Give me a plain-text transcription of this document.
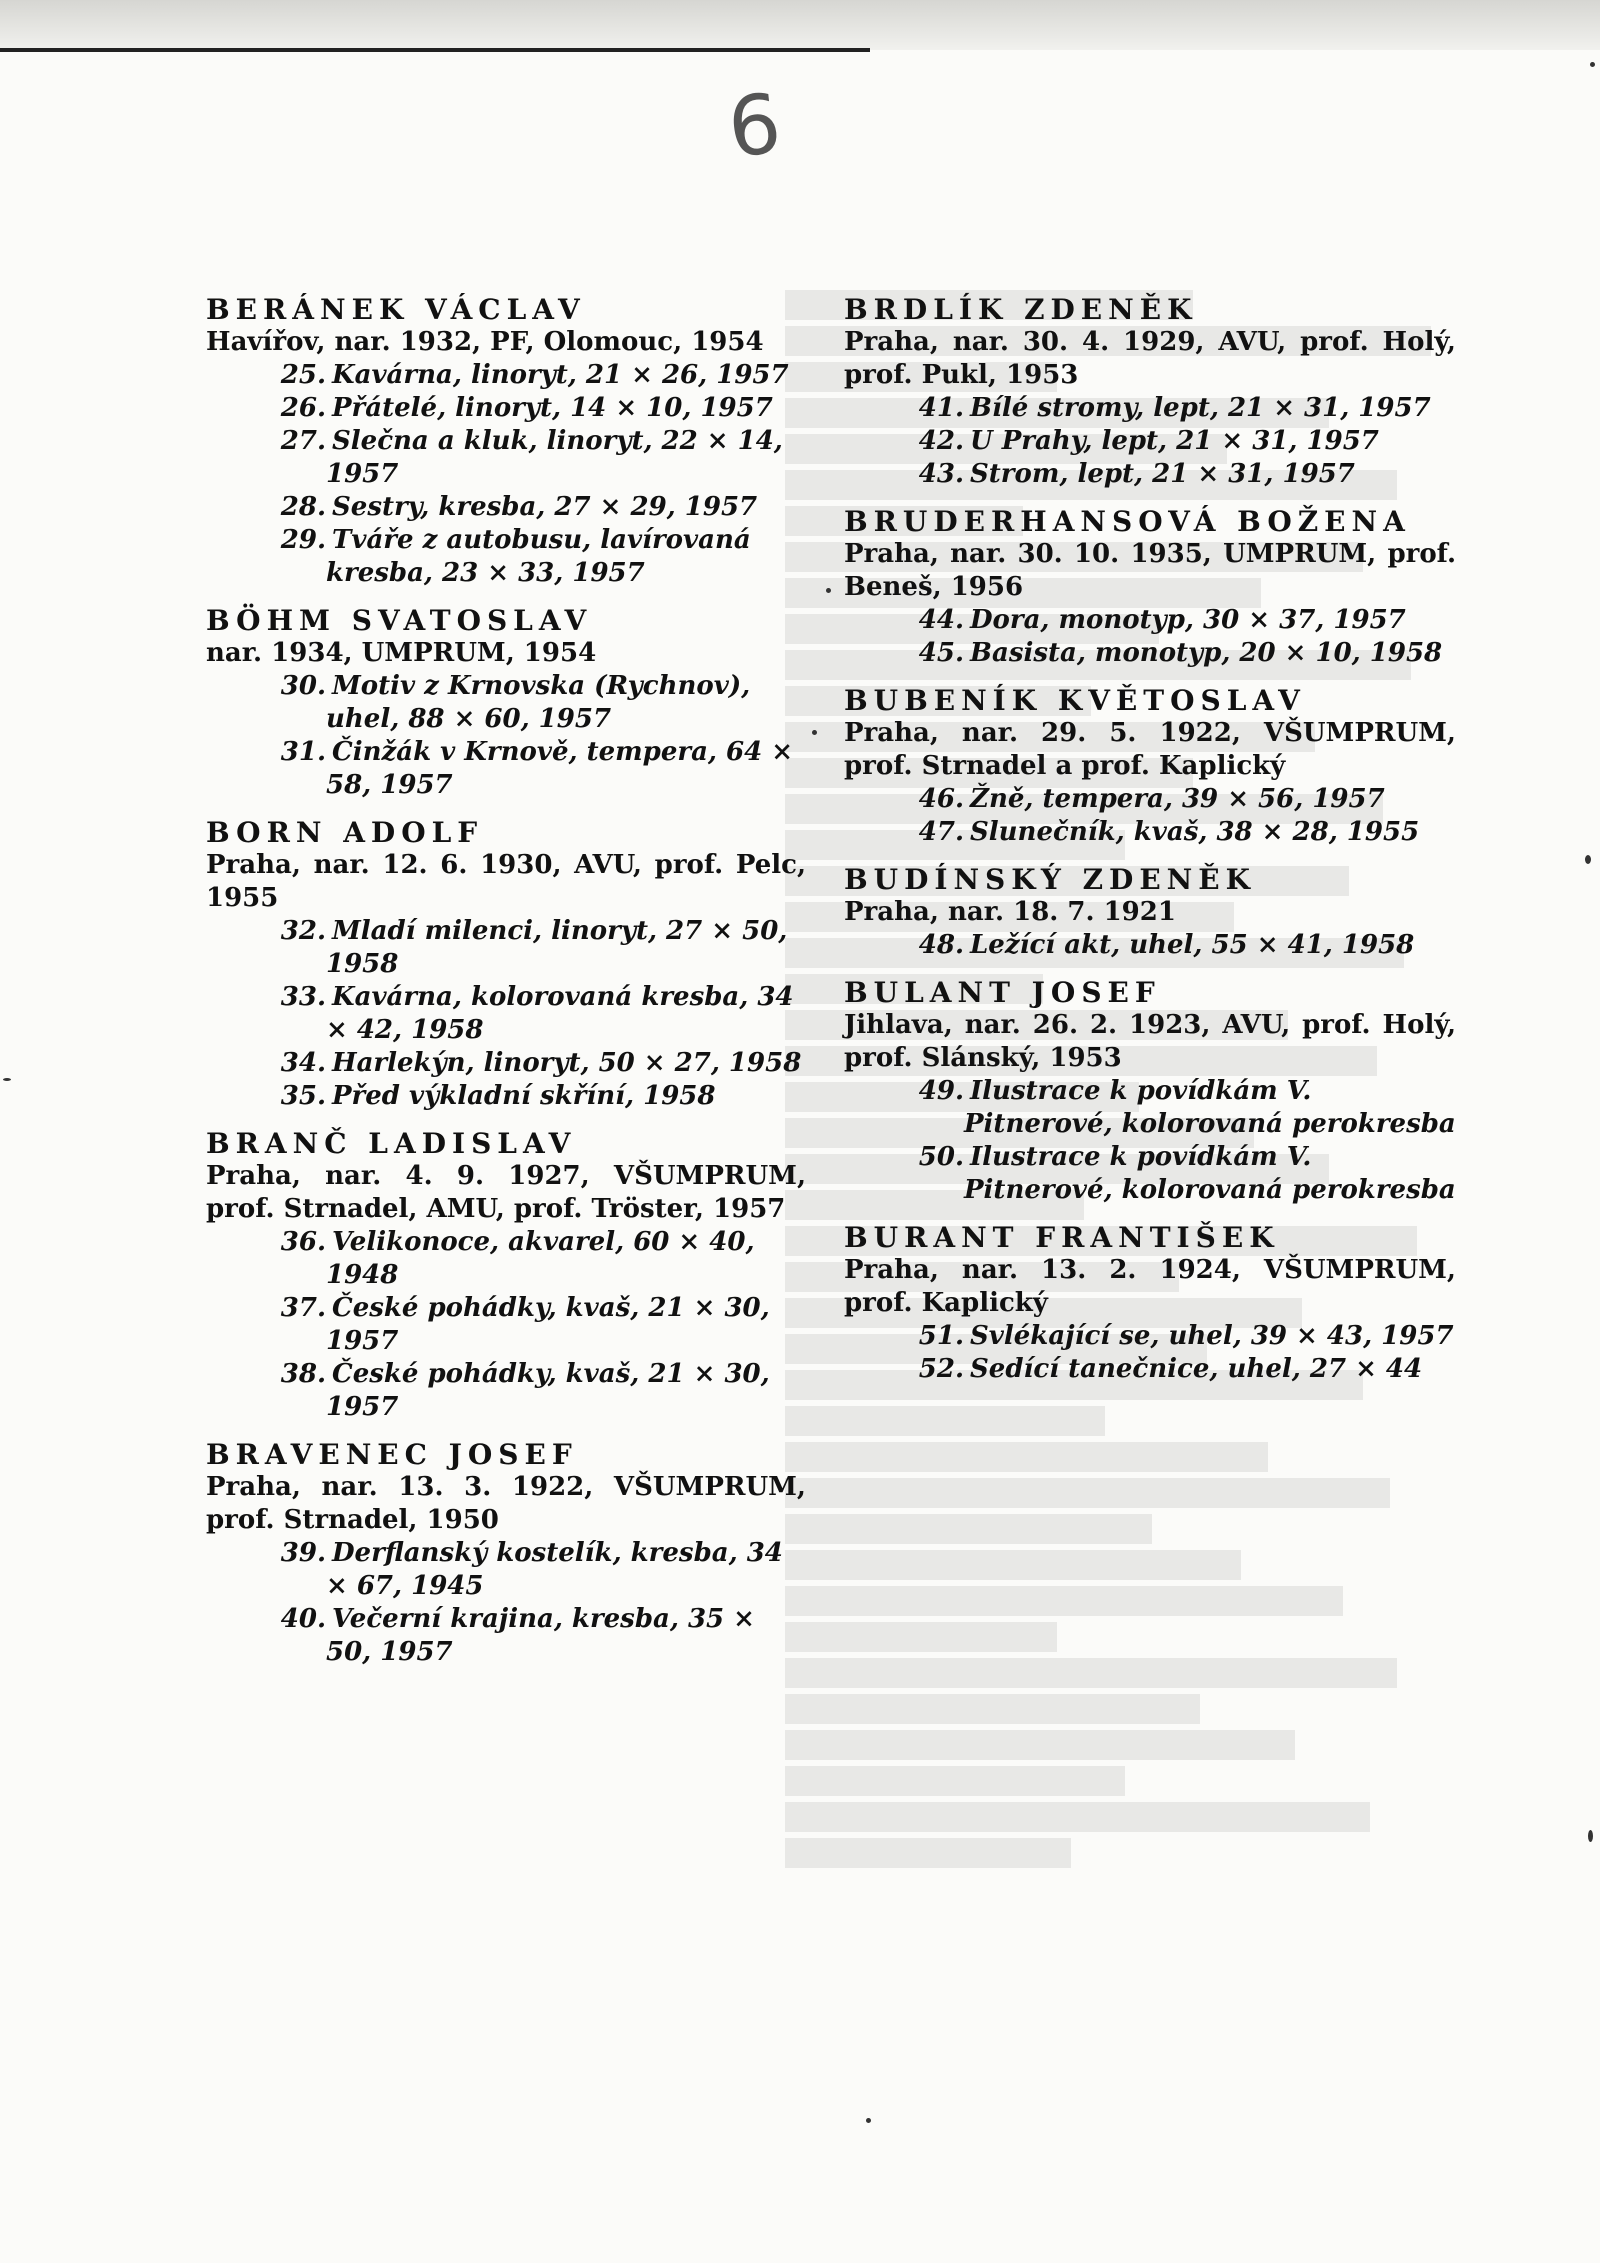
6
BERÁNEK VÁCLAV
Havířov, nar. 1932, PF, Olomouc, 1954
25. Kavárna, linoryt, 21 × 26, 1957
26. Přátelé, linoryt, 14 × 10, 1957
27. Slečna a kluk, linoryt, 22 × 14, 1957
28. Sestry, kresba, 27 × 29, 1957
29. Tváře z autobusu, lavírovaná kresba, 23 × 33, 1957
BÖHM SVATOSLAV
nar. 1934, UMPRUM, 1954
30. Motiv z Krnovska (Rychnov), uhel, 88 × 60, 1957
31. Činžák v Krnově, tempera, 64 × 58, 1957
BORN ADOLF
Praha, nar. 12. 6. 1930, AVU, prof. Pelc, 1955
32. Mladí milenci, linoryt, 27 × 50, 1958
33. Kavárna, kolorovaná kresba, 34 × 42, 1958
34. Harlekýn, linoryt, 50 × 27, 1958
35. Před výkladní skříní, 1958
BRANČ LADISLAV
Praha, nar. 4. 9. 1927, VŠUMPRUM, prof. Strnadel, AMU, prof. Tröster, 1957
36. Velikonoce, akvarel, 60 × 40, 1948
37. České pohádky, kvaš, 21 × 30, 1957
38. České pohádky, kvaš, 21 × 30, 1957
BRAVENEC JOSEF
Praha, nar. 13. 3. 1922, VŠUMPRUM, prof. Strnadel, 1950
39. Derflanský kostelík, kresba, 34 × 67, 1945
40. Večerní krajina, kresba, 35 × 50, 1957
BRDLÍK ZDENĚK
Praha, nar. 30. 4. 1929, AVU, prof. Holý, prof. Pukl, 1953
41. Bílé stromy, lept, 21 × 31, 1957
42. U Prahy, lept, 21 × 31, 1957
43. Strom, lept, 21 × 31, 1957
BRUDERHANSOVÁ BOŽENA
Praha, nar. 30. 10. 1935, UMPRUM, prof. Beneš, 1956
44. Dora, monotyp, 30 × 37, 1957
45. Basista, monotyp, 20 × 10, 1958
BUBENÍK KVĚTOSLAV
Praha, nar. 29. 5. 1922, VŠUMPRUM, prof. Strnadel a prof. Kaplický
46. Žně, tempera, 39 × 56, 1957
47. Slunečník, kvaš, 38 × 28, 1955
BUDÍNSKÝ ZDENĚK
Praha, nar. 18. 7. 1921
48. Ležící akt, uhel, 55 × 41, 1958
BULANT JOSEF
Jihlava, nar. 26. 2. 1923, AVU, prof. Holý, prof. Slánský, 1953
49. Ilustrace k povídkám V. Pitnerové, kolorovaná perokresba
50. Ilustrace k povídkám V. Pitnerové, kolorovaná perokresba
BURANT FRANTIŠEK
Praha, nar. 13. 2. 1924, VŠUMPRUM, prof. Kaplický
51. Svlékající se, uhel, 39 × 43, 1957
52. Sedící tanečnice, uhel, 27 × 44
